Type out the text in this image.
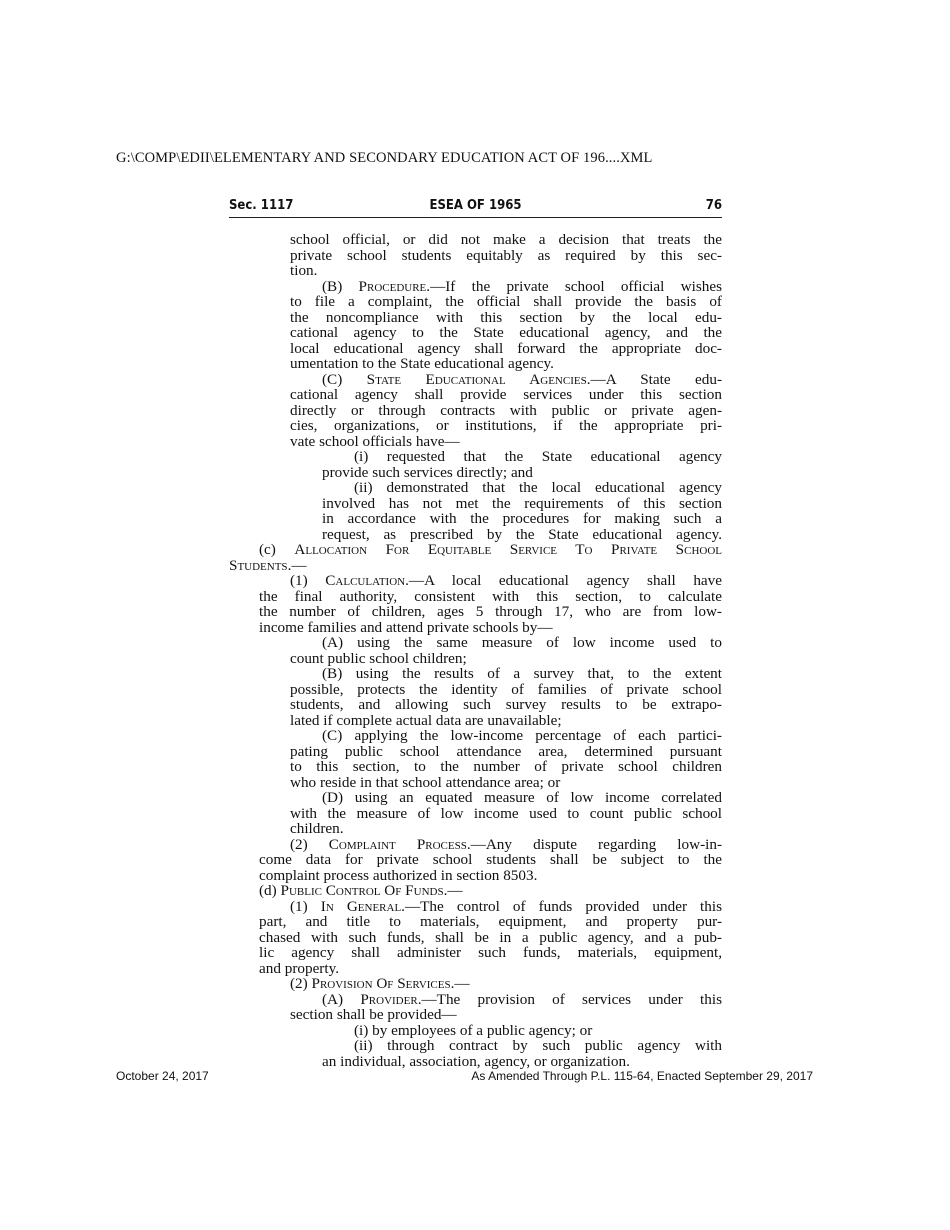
G:\COMP\EDII\ELEMENTARY AND SECONDARY EDUCATION ACT OF 196....XML
Sec. 1117	ESEA OF 1965	76
school official, or did not make a decision that treats the
private school students equitably as required by this sec-
tion.
(B) Procedure.—If the private school official wishes
to file a complaint, the official shall provide the basis of
the noncompliance with this section by the local edu-
cational agency to the State educational agency, and the
local educational agency shall forward the appropriate doc-
umentation to the State educational agency.
(C) State Educational Agencies.—A State edu-
cational agency shall provide services under this section
directly or through contracts with public or private agen-
cies, organizations, or institutions, if the appropriate pri-
vate school officials have—
(i) requested that the State educational agency
provide such services directly; and
(ii) demonstrated that the local educational agency
involved has not met the requirements of this section
in accordance with the procedures for making such a
request, as prescribed by the State educational agency.
(c) Allocation For Equitable Service To Private School
Students.—
(1) Calculation.—A local educational agency shall have
the final authority, consistent with this section, to calculate
the number of children, ages 5 through 17, who are from low-
income families and attend private schools by—
(A) using the same measure of low income used to
count public school children;
(B) using the results of a survey that, to the extent
possible, protects the identity of families of private school
students, and allowing such survey results to be extrapo-
lated if complete actual data are unavailable;
(C) applying the low-income percentage of each partici-
pating public school attendance area, determined pursuant
to this section, to the number of private school children
who reside in that school attendance area; or
(D) using an equated measure of low income correlated
with the measure of low income used to count public school
children.
(2) Complaint Process.—Any dispute regarding low-in-
come data for private school students shall be subject to the
complaint process authorized in section 8503.
(d) Public Control Of Funds.—
(1) In General.—The control of funds provided under this
part, and title to materials, equipment, and property pur-
chased with such funds, shall be in a public agency, and a pub-
lic agency shall administer such funds, materials, equipment,
and property.
(2) Provision Of Services.—
(A) Provider.—The provision of services under this
section shall be provided—
(i) by employees of a public agency; or
(ii) through contract by such public agency with
an individual, association, agency, or organization.
October 24, 2017	As Amended Through P.L. 115-64, Enacted September 29, 2017
